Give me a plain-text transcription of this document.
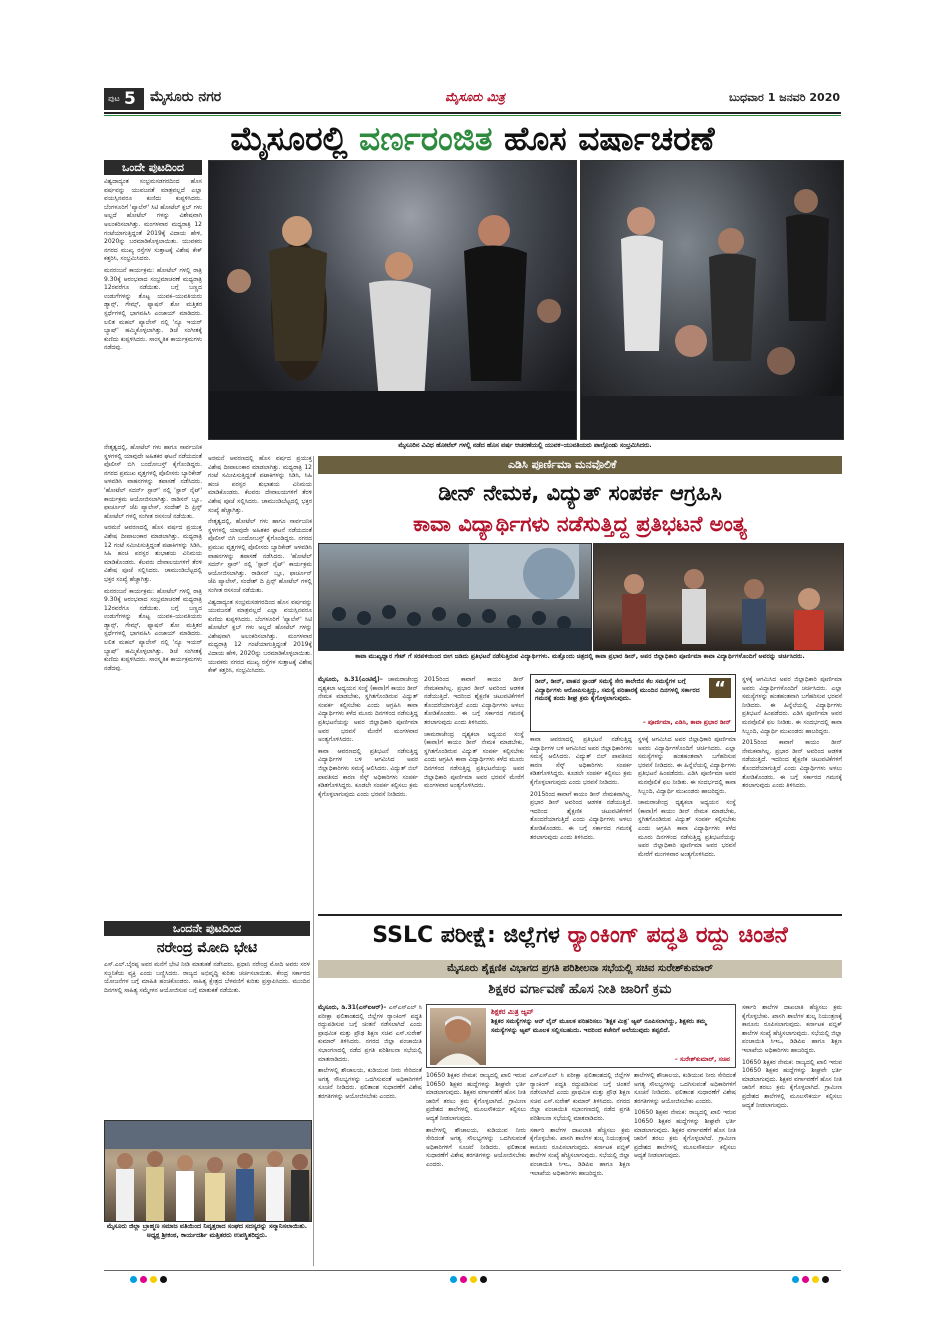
ಪುಟ 5 ಮೈಸೂರು ನಗರ	ಮೈಸೂರು ಮಿತ್ರ	ಬುಧವಾರ 1 ಜನವರಿ 2020
ಮೈಸೂರಲ್ಲಿ ವರ್ಣರಂಜಿತ ಹೊಸ ವರ್ಷಾಚರಣೆ
ಒಂದೇ ಪುಟದಿಂದ

ವಿಶ್ವದಾದ್ಯಂತ ಸಂಭ್ರಮಸಡಗರದಿಂದ ಹೊಸ ವರ್ಷವನ್ನು ಯುವಜನತೆ ಮಾತ್ರವಲ್ಲದೆ ಎಲ್ಲಾ ವಯಸ್ಸಿನವರೂ ಕುಣಿದು ಕುಪ್ಪಳಿಸಿದರು. ಬೆಂಗಳೂರಿಗೆ 'ಪ್ಯಾಲೆಸ್' ಸಿಟಿ ಹೋಟೆಲ್ ಕ್ಲಬ್ ಗಳು ಅಲ್ಲದೆ ಹೋಟೆಲ್ ಗಳನ್ನು ವಿಶೇಷವಾಗಿ ಅಲಂಕರಿಸಲಾಗಿತ್ತು. ಮಂಗಳವಾರ ಮಧ್ಯರಾತ್ರಿ 12 ಗಂಟೆಯಾಗುತ್ತಿದ್ದಂತೆ 2019ಕ್ಕೆ ವಿದಾಯ ಹೇಳಿ, 2020ನ್ನು ಬರಮಾಡಿಕೊಳ್ಳಲಾಯಿತು. ಯುವಕರು ನಗರದ ಮುಖ್ಯ ರಸ್ತೆಗಳ ಸುತ್ತಾಟಕ್ಕೆ ವಿಶೇಷ ಕೇಕ್ ಕತ್ತರಿಸಿ, ಸಂಭ್ರಮಿಸಿದರು.

ಮನರಂಜನೆ ಕಾರ್ಯಕ್ರಮ: ಹೋಟೆಲ್ ಗಳಲ್ಲಿ ರಾತ್ರಿ 9.30ಕ್ಕೆ ಆರಂಭವಾದ ಸಂಭ್ರಮಾಚರಣೆ ಮಧ್ಯರಾತ್ರಿ 12ರವರೆಗೂ ನಡೆಯಿತು. ಬಗ್ಗೆ ಬಣ್ಣದ ಉಡುಗೆಗಳನ್ನು ತೊಟ್ಟ ಯುವಕ–ಯುವತಿಯರು ಡ್ಯಾನ್ಸ್, ಗೇಮ್ಸ್, ಫ್ಯಾಷನ್ ಶೋ ಮತ್ತಿತರ ಸ್ಪರ್ಧೆಗಳಲ್ಲಿ ಭಾಗವಹಿಸಿ ಎಂಜಾಯ್ ಮಾಡಿದರು. ಲಲಿತ ಮಹಲ್ ಪ್ಯಾಲೇಸ್ ನಲ್ಲಿ 'ನ್ಯೂ ಇಯರ್ ಬ್ಯಾಷ್' ಹಮ್ಮಿಕೊಳ್ಳಲಾಗಿತ್ತು. ಡಿಜೆ ಸಂಗೀತಕ್ಕೆ ಕುಣಿದು ಕುಪ್ಪಳಿಸಿದರು. ಸಾಂಸ್ಕೃತಿಕ ಕಾರ್ಯಕ್ರಮಗಳು ನಡೆದವು.

ಮೈಸೂರಿನ ವಿವಿಧ ಹೋಟೆಲ್ ಗಳಲ್ಲಿ ನಡೆದ ಹೊಸ ವರ್ಷ ಆಚರಣೆಯಲ್ಲಿ ಯುವಕ–ಯುವತಿಯರು ಪಾಲ್ಗೊಂಡು ಸಂಭ್ರಮಿಸಿದರು.

ನೇತೃತ್ವದಲ್ಲಿ, ಹೋಟೆಲ್ ಗಳು ಹಾಗೂ ಸಾರ್ವಜನಿಕ ಸ್ಥಳಗಳಲ್ಲಿ ಯಾವುದೇ ಅಹಿತಕರ ಘಟನೆ ನಡೆಯದಂತೆ ಪೊಲೀಸ್ ಬಿಗಿ ಬಂದೋಬಸ್ತ್ ಕೈಗೊಂಡಿದ್ದರು. ನಗರದ ಪ್ರಮುಖ ವೃತ್ತಗಳಲ್ಲಿ ಪೊಲೀಸರು ಬ್ಯಾರಿಕೇಡ್ ಅಳವಡಿಸಿ ವಾಹನಗಳನ್ನು ತಪಾಸಣೆ ನಡೆಸಿದರು. 'ಹೋಟೆಲ್ ಸದರ್ನ್ ಸ್ಟಾರ್' ನಲ್ಲಿ 'ಸ್ಟಾರ್ ನೈಟ್' ಕಾರ್ಯಕ್ರಮ ಆಯೋಜಿಸಲಾಗಿತ್ತು. ರಾಡಿಸನ್ ಬ್ಲೂ, ಫಾರ್ಚೂನ್ ಜೆಪಿ ಪ್ಯಾಲೇಸ್, ಸಂದೇಶ್ ದಿ ಪ್ರಿನ್ಸ್ ಹೋಟೆಲ್ ಗಳಲ್ಲಿ ಸಂಗೀತ ರಸಸಂಜೆ ನಡೆಯಿತು.

ಅರಮನೆ ಆವರಣದಲ್ಲಿ ಹೊಸ ವರ್ಷದ ಪ್ರಯುಕ್ತ ವಿಶೇಷ ದೀಪಾಲಂಕಾರ ಮಾಡಲಾಗಿತ್ತು. ಮಧ್ಯರಾತ್ರಿ 12 ಗಂಟೆ ಸಮೀಪಿಸುತ್ತಿದ್ದಂತೆ ಪಟಾಕಿಗಳನ್ನು ಸಿಡಿಸಿ, ಸಿಹಿ ಹಂಚಿ ಪರಸ್ಪರ ಶುಭಾಶಯ ವಿನಿಮಯ ಮಾಡಿಕೊಂಡರು. ಕೆಲವರು ದೇವಾಲಯಗಳಿಗೆ ತೆರಳಿ ವಿಶೇಷ ಪೂಜೆ ಸಲ್ಲಿಸಿದರು. ಚಾಮುಂಡಿಬೆಟ್ಟದಲ್ಲಿ ಭಕ್ತರ ಸಂಖ್ಯೆ ಹೆಚ್ಚಾಗಿತ್ತು.

ಮನರಂಜನೆ ಕಾರ್ಯಕ್ರಮ: ಹೋಟೆಲ್ ಗಳಲ್ಲಿ ರಾತ್ರಿ 9.30ಕ್ಕೆ ಆರಂಭವಾದ ಸಂಭ್ರಮಾಚರಣೆ ಮಧ್ಯರಾತ್ರಿ 12ರವರೆಗೂ ನಡೆಯಿತು. ಬಗ್ಗೆ ಬಣ್ಣದ ಉಡುಗೆಗಳನ್ನು ತೊಟ್ಟ ಯುವಕ–ಯುವತಿಯರು ಡ್ಯಾನ್ಸ್, ಗೇಮ್ಸ್, ಫ್ಯಾಷನ್ ಶೋ ಮತ್ತಿತರ ಸ್ಪರ್ಧೆಗಳಲ್ಲಿ ಭಾಗವಹಿಸಿ ಎಂಜಾಯ್ ಮಾಡಿದರು. ಲಲಿತ ಮಹಲ್ ಪ್ಯಾಲೇಸ್ ನಲ್ಲಿ 'ನ್ಯೂ ಇಯರ್ ಬ್ಯಾಷ್' ಹಮ್ಮಿಕೊಳ್ಳಲಾಗಿತ್ತು. ಡಿಜೆ ಸಂಗೀತಕ್ಕೆ ಕುಣಿದು ಕುಪ್ಪಳಿಸಿದರು. ಸಾಂಸ್ಕೃತಿಕ ಕಾರ್ಯಕ್ರಮಗಳು ನಡೆದವು.

ಅರಮನೆ ಆವರಣದಲ್ಲಿ ಹೊಸ ವರ್ಷದ ಪ್ರಯುಕ್ತ ವಿಶೇಷ ದೀಪಾಲಂಕಾರ ಮಾಡಲಾಗಿತ್ತು. ಮಧ್ಯರಾತ್ರಿ 12 ಗಂಟೆ ಸಮೀಪಿಸುತ್ತಿದ್ದಂತೆ ಪಟಾಕಿಗಳನ್ನು ಸಿಡಿಸಿ, ಸಿಹಿ ಹಂಚಿ ಪರಸ್ಪರ ಶುಭಾಶಯ ವಿನಿಮಯ ಮಾಡಿಕೊಂಡರು. ಕೆಲವರು ದೇವಾಲಯಗಳಿಗೆ ತೆರಳಿ ವಿಶೇಷ ಪೂಜೆ ಸಲ್ಲಿಸಿದರು. ಚಾಮುಂಡಿಬೆಟ್ಟದಲ್ಲಿ ಭಕ್ತರ ಸಂಖ್ಯೆ ಹೆಚ್ಚಾಗಿತ್ತು.

ನೇತೃತ್ವದಲ್ಲಿ, ಹೋಟೆಲ್ ಗಳು ಹಾಗೂ ಸಾರ್ವಜನಿಕ ಸ್ಥಳಗಳಲ್ಲಿ ಯಾವುದೇ ಅಹಿತಕರ ಘಟನೆ ನಡೆಯದಂತೆ ಪೊಲೀಸ್ ಬಿಗಿ ಬಂದೋಬಸ್ತ್ ಕೈಗೊಂಡಿದ್ದರು. ನಗರದ ಪ್ರಮುಖ ವೃತ್ತಗಳಲ್ಲಿ ಪೊಲೀಸರು ಬ್ಯಾರಿಕೇಡ್ ಅಳವಡಿಸಿ ವಾಹನಗಳನ್ನು ತಪಾಸಣೆ ನಡೆಸಿದರು. 'ಹೋಟೆಲ್ ಸದರ್ನ್ ಸ್ಟಾರ್' ನಲ್ಲಿ 'ಸ್ಟಾರ್ ನೈಟ್' ಕಾರ್ಯಕ್ರಮ ಆಯೋಜಿಸಲಾಗಿತ್ತು. ರಾಡಿಸನ್ ಬ್ಲೂ, ಫಾರ್ಚೂನ್ ಜೆಪಿ ಪ್ಯಾಲೇಸ್, ಸಂದೇಶ್ ದಿ ಪ್ರಿನ್ಸ್ ಹೋಟೆಲ್ ಗಳಲ್ಲಿ ಸಂಗೀತ ರಸಸಂಜೆ ನಡೆಯಿತು.

ವಿಶ್ವದಾದ್ಯಂತ ಸಂಭ್ರಮಸಡಗರದಿಂದ ಹೊಸ ವರ್ಷವನ್ನು ಯುವಜನತೆ ಮಾತ್ರವಲ್ಲದೆ ಎಲ್ಲಾ ವಯಸ್ಸಿನವರೂ ಕುಣಿದು ಕುಪ್ಪಳಿಸಿದರು. ಬೆಂಗಳೂರಿಗೆ 'ಪ್ಯಾಲೆಸ್' ಸಿಟಿ ಹೋಟೆಲ್ ಕ್ಲಬ್ ಗಳು ಅಲ್ಲದೆ ಹೋಟೆಲ್ ಗಳನ್ನು ವಿಶೇಷವಾಗಿ ಅಲಂಕರಿಸಲಾಗಿತ್ತು. ಮಂಗಳವಾರ ಮಧ್ಯರಾತ್ರಿ 12 ಗಂಟೆಯಾಗುತ್ತಿದ್ದಂತೆ 2019ಕ್ಕೆ ವಿದಾಯ ಹೇಳಿ, 2020ನ್ನು ಬರಮಾಡಿಕೊಳ್ಳಲಾಯಿತು. ಯುವಕರು ನಗರದ ಮುಖ್ಯ ರಸ್ತೆಗಳ ಸುತ್ತಾಟಕ್ಕೆ ವಿಶೇಷ ಕೇಕ್ ಕತ್ತರಿಸಿ, ಸಂಭ್ರಮಿಸಿದರು.

ಎಡಿಸಿ ಪೂರ್ಣಿಮಾ ಮನವೊಲಿಕೆ
ಡೀನ್ ನೇಮಕ, ವಿದ್ಯುತ್ ಸಂಪರ್ಕ ಆಗ್ರಹಿಸಿ
ಕಾವಾ ವಿದ್ಯಾರ್ಥಿಗಳು ನಡೆಸುತ್ತಿದ್ದ ಪ್ರತಿಭಟನೆ ಅಂತ್ಯ
ಕಾವಾ ಮುಖ್ಯಧ್ವಾರ ಗೇಟ್ ಗೆ ಸರಪಳಿಯಿಂದ ಬೀಗ ಜಡಿದು ಪ್ರತಿಭಟನೆ ನಡೆಸುತ್ತಿರುವ ವಿದ್ಯಾರ್ಥಿಗಳು. ಮತ್ತೊಂದು ಚಿತ್ರದಲ್ಲಿ ಕಾವಾ ಪ್ರಭಾರ ಡೀನ್, ಅಪರ ಜಿಲ್ಲಾಧಿಕಾರಿ ಪೂರ್ಣಿಮಾ ಕಾವಾ ವಿದ್ಯಾರ್ಥಿಗಳೊಂದಿಗೆ ಅವರನ್ನು ಚರ್ಚಿಸಿದರು.
ಮೈಸೂರು, ಡಿ.31(ಎಂಟಿವೈ)– ಚಾಮರಾಜೇಂದ್ರ ದೃಶ್ಯಕಲಾ ಅಧ್ಯಯನ ಸಂಸ್ಥೆ (ಕಾವಾ)ಗೆ ಕಾಯಂ ಡೀನ್ ನೇಮಕ ಮಾಡಬೇಕು, ಸ್ಥಗಿತಗೊಂಡಿರುವ ವಿದ್ಯುತ್ ಸಂಪರ್ಕ ಕಲ್ಪಿಸಬೇಕು ಎಂದು ಆಗ್ರಹಿಸಿ ಕಾವಾ ವಿದ್ಯಾರ್ಥಿಗಳು ಕಳೆದ ಮೂರು ದಿನಗಳಿಂದ ನಡೆಸುತ್ತಿದ್ದ ಪ್ರತಿಭಟನೆಯನ್ನು ಅಪರ ಜಿಲ್ಲಾಧಿಕಾರಿ ಪೂರ್ಣಿಮಾ ಅವರ ಭರವಸೆ ಮೇರೆಗೆ ಮಂಗಳವಾರ ಅಂತ್ಯಗೊಳಿಸಿದರು.

ಕಾವಾ ಆವರಣದಲ್ಲಿ ಪ್ರತಿಭಟನೆ ನಡೆಸುತ್ತಿದ್ದ ವಿದ್ಯಾರ್ಥಿಗಳ ಬಳಿ ಆಗಮಿಸಿದ ಅಪರ ಜಿಲ್ಲಾಧಿಕಾರಿಗಳು ಸಮಸ್ಯೆ ಆಲಿಸಿದರು. ವಿದ್ಯುತ್ ಬಿಲ್ ಪಾವತಿಸದ ಕಾರಣ ಸೆಸ್ಕ್ ಅಧಿಕಾರಿಗಳು ಸಂಪರ್ಕ ಕಡಿತಗೊಳಿಸಿದ್ದರು. ಕೂಡಲೇ ಸಂಪರ್ಕ ಕಲ್ಪಿಸಲು ಕ್ರಮ ಕೈಗೊಳ್ಳಲಾಗುವುದು ಎಂದು ಭರವಸೆ ನೀಡಿದರು.

2015ರಿಂದ ಕಾವಾಗೆ ಕಾಯಂ ಡೀನ್ ನೇಮಕವಾಗಿಲ್ಲ. ಪ್ರಭಾರ ಡೀನ್ ಅವರಿಂದ ಆಡಳಿತ ನಡೆಯುತ್ತಿದೆ. ಇದರಿಂದ ಶೈಕ್ಷಣಿಕ ಚಟುವಟಿಕೆಗಳಿಗೆ ತೊಂದರೆಯಾಗುತ್ತಿದೆ ಎಂದು ವಿದ್ಯಾರ್ಥಿಗಳು ಅಳಲು ತೋಡಿಕೊಂಡರು. ಈ ಬಗ್ಗೆ ಸರ್ಕಾರದ ಗಮನಕ್ಕೆ ತರಲಾಗುವುದು ಎಂದು ತಿಳಿಸಿದರು.

ಚಾಮರಾಜೇಂದ್ರ ದೃಶ್ಯಕಲಾ ಅಧ್ಯಯನ ಸಂಸ್ಥೆ (ಕಾವಾ)ಗೆ ಕಾಯಂ ಡೀನ್ ನೇಮಕ ಮಾಡಬೇಕು, ಸ್ಥಗಿತಗೊಂಡಿರುವ ವಿದ್ಯುತ್ ಸಂಪರ್ಕ ಕಲ್ಪಿಸಬೇಕು ಎಂದು ಆಗ್ರಹಿಸಿ ಕಾವಾ ವಿದ್ಯಾರ್ಥಿಗಳು ಕಳೆದ ಮೂರು ದಿನಗಳಿಂದ ನಡೆಸುತ್ತಿದ್ದ ಪ್ರತಿಭಟನೆಯನ್ನು ಅಪರ ಜಿಲ್ಲಾಧಿಕಾರಿ ಪೂರ್ಣಿಮಾ ಅವರ ಭರವಸೆ ಮೇರೆಗೆ ಮಂಗಳವಾರ ಅಂತ್ಯಗೊಳಿಸಿದರು.

“
ಡೀನ್, ಡೀನ್, ವಾಹನ ಸ್ಟಾಂಡ್ ಸಮಸ್ಯೆ ಸೇರಿ ಕಾಲೇಜಿನ ಕೆಲ ಸಮಸ್ಯೆಗಳ ಬಗ್ಗೆ ವಿದ್ಯಾರ್ಥಿಗಳು ಆರೋಪಿಸುತ್ತಿದ್ದು, ಸಮಸ್ಯೆ ಪರಿಹಾರಕ್ಕೆ ಮುಂದಿನ ದಿನಗಳಲ್ಲಿ ಸರ್ಕಾರದ ಗಮನಕ್ಕೆ ತಂದು ಶೀಘ್ರ ಕ್ರಮ ಕೈಗೊಳ್ಳಲಾಗುವುದು.
– ಪೂರ್ಣಿಮಾ, ಎಡಿಸಿ, ಕಾವಾ ಪ್ರಭಾರ ಡೀನ್

ಕಾವಾ ಆವರಣದಲ್ಲಿ ಪ್ರತಿಭಟನೆ ನಡೆಸುತ್ತಿದ್ದ ವಿದ್ಯಾರ್ಥಿಗಳ ಬಳಿ ಆಗಮಿಸಿದ ಅಪರ ಜಿಲ್ಲಾಧಿಕಾರಿಗಳು ಸಮಸ್ಯೆ ಆಲಿಸಿದರು. ವಿದ್ಯುತ್ ಬಿಲ್ ಪಾವತಿಸದ ಕಾರಣ ಸೆಸ್ಕ್ ಅಧಿಕಾರಿಗಳು ಸಂಪರ್ಕ ಕಡಿತಗೊಳಿಸಿದ್ದರು. ಕೂಡಲೇ ಸಂಪರ್ಕ ಕಲ್ಪಿಸಲು ಕ್ರಮ ಕೈಗೊಳ್ಳಲಾಗುವುದು ಎಂದು ಭರವಸೆ ನೀಡಿದರು.

2015ರಿಂದ ಕಾವಾಗೆ ಕಾಯಂ ಡೀನ್ ನೇಮಕವಾಗಿಲ್ಲ. ಪ್ರಭಾರ ಡೀನ್ ಅವರಿಂದ ಆಡಳಿತ ನಡೆಯುತ್ತಿದೆ. ಇದರಿಂದ ಶೈಕ್ಷಣಿಕ ಚಟುವಟಿಕೆಗಳಿಗೆ ತೊಂದರೆಯಾಗುತ್ತಿದೆ ಎಂದು ವಿದ್ಯಾರ್ಥಿಗಳು ಅಳಲು ತೋಡಿಕೊಂಡರು. ಈ ಬಗ್ಗೆ ಸರ್ಕಾರದ ಗಮನಕ್ಕೆ ತರಲಾಗುವುದು ಎಂದು ತಿಳಿಸಿದರು.

ಸ್ಥಳಕ್ಕೆ ಆಗಮಿಸಿದ ಅಪರ ಜಿಲ್ಲಾಧಿಕಾರಿ ಪೂರ್ಣಿಮಾ ಅವರು ವಿದ್ಯಾರ್ಥಿಗಳೊಂದಿಗೆ ಚರ್ಚಿಸಿದರು. ಎಲ್ಲಾ ಸಮಸ್ಯೆಗಳನ್ನು ಹಂತಹಂತವಾಗಿ ಬಗೆಹರಿಸುವ ಭರವಸೆ ನೀಡಿದರು. ಈ ಹಿನ್ನೆಲೆಯಲ್ಲಿ ವಿದ್ಯಾರ್ಥಿಗಳು ಪ್ರತಿಭಟನೆ ಹಿಂಪಡೆದರು. ಎಡಿಸಿ ಪೂರ್ಣಿಮಾ ಅವರ ಮನವೊಲಿಕೆ ಫಲ ನೀಡಿತು. ಈ ಸಂದರ್ಭದಲ್ಲಿ ಕಾವಾ ಸಿಬ್ಬಂದಿ, ವಿದ್ಯಾರ್ಥಿ ಮುಖಂಡರು ಹಾಜರಿದ್ದರು.

ಚಾಮರಾಜೇಂದ್ರ ದೃಶ್ಯಕಲಾ ಅಧ್ಯಯನ ಸಂಸ್ಥೆ (ಕಾವಾ)ಗೆ ಕಾಯಂ ಡೀನ್ ನೇಮಕ ಮಾಡಬೇಕು, ಸ್ಥಗಿತಗೊಂಡಿರುವ ವಿದ್ಯುತ್ ಸಂಪರ್ಕ ಕಲ್ಪಿಸಬೇಕು ಎಂದು ಆಗ್ರಹಿಸಿ ಕಾವಾ ವಿದ್ಯಾರ್ಥಿಗಳು ಕಳೆದ ಮೂರು ದಿನಗಳಿಂದ ನಡೆಸುತ್ತಿದ್ದ ಪ್ರತಿಭಟನೆಯನ್ನು ಅಪರ ಜಿಲ್ಲಾಧಿಕಾರಿ ಪೂರ್ಣಿಮಾ ಅವರ ಭರವಸೆ ಮೇರೆಗೆ ಮಂಗಳವಾರ ಅಂತ್ಯಗೊಳಿಸಿದರು.

ಸ್ಥಳಕ್ಕೆ ಆಗಮಿಸಿದ ಅಪರ ಜಿಲ್ಲಾಧಿಕಾರಿ ಪೂರ್ಣಿಮಾ ಅವರು ವಿದ್ಯಾರ್ಥಿಗಳೊಂದಿಗೆ ಚರ್ಚಿಸಿದರು. ಎಲ್ಲಾ ಸಮಸ್ಯೆಗಳನ್ನು ಹಂತಹಂತವಾಗಿ ಬಗೆಹರಿಸುವ ಭರವಸೆ ನೀಡಿದರು. ಈ ಹಿನ್ನೆಲೆಯಲ್ಲಿ ವಿದ್ಯಾರ್ಥಿಗಳು ಪ್ರತಿಭಟನೆ ಹಿಂಪಡೆದರು. ಎಡಿಸಿ ಪೂರ್ಣಿಮಾ ಅವರ ಮನವೊಲಿಕೆ ಫಲ ನೀಡಿತು. ಈ ಸಂದರ್ಭದಲ್ಲಿ ಕಾವಾ ಸಿಬ್ಬಂದಿ, ವಿದ್ಯಾರ್ಥಿ ಮುಖಂಡರು ಹಾಜರಿದ್ದರು.

2015ರಿಂದ ಕಾವಾಗೆ ಕಾಯಂ ಡೀನ್ ನೇಮಕವಾಗಿಲ್ಲ. ಪ್ರಭಾರ ಡೀನ್ ಅವರಿಂದ ಆಡಳಿತ ನಡೆಯುತ್ತಿದೆ. ಇದರಿಂದ ಶೈಕ್ಷಣಿಕ ಚಟುವಟಿಕೆಗಳಿಗೆ ತೊಂದರೆಯಾಗುತ್ತಿದೆ ಎಂದು ವಿದ್ಯಾರ್ಥಿಗಳು ಅಳಲು ತೋಡಿಕೊಂಡರು. ಈ ಬಗ್ಗೆ ಸರ್ಕಾರದ ಗಮನಕ್ಕೆ ತರಲಾಗುವುದು ಎಂದು ತಿಳಿಸಿದರು.

ಒಂದನೇ ಪುಟದಿಂದ
ನರೇಂದ್ರ ಮೋದಿ ಭೇಟಿ
ಎಸ್.ಎಲ್.ಬೈರಪ್ಪ ಅವರ ಮನೆಗೆ ಭೇಟಿ ನೀಡಿ ಮಾತುಕತೆ ನಡೆಸಿದರು. ಪ್ರಧಾನಿ ನರೇಂದ್ರ ಮೋದಿ ಅವರು ಸರಳ ಸಜ್ಜನಿಕೆಯ ವ್ಯಕ್ತಿ ಎಂದು ಬಣ್ಣಿಸಿದರು. ರಾಜ್ಯದ ಅಭಿವೃದ್ಧಿ ಕುರಿತು ಚರ್ಚಿಸಲಾಯಿತು. ಕೇಂದ್ರ ಸರ್ಕಾರದ ಯೋಜನೆಗಳ ಬಗ್ಗೆ ಮಾಹಿತಿ ಹಂಚಿಕೊಂಡರು. ಸಾಹಿತ್ಯ ಕ್ಷೇತ್ರದ ಬೆಳವಣಿಗೆ ಕುರಿತು ಪ್ರಸ್ತಾಪಿಸಿದರು. ಮುಂದಿನ ದಿನಗಳಲ್ಲಿ ಸಾಹಿತ್ಯ ಸಮ್ಮೇಳನ ಆಯೋಜಿಸುವ ಬಗ್ಗೆ ಮಾತುಕತೆ ನಡೆಯಿತು.
ಮೈಸೂರು ಜಿಲ್ಲಾ ಬ್ರಾಹ್ಮಣ ಸಮಾಜ ವತಿಯಿಂದ ನಿವೃತ್ತರಾದ ಸಂಘದ ಸದಸ್ಯರನ್ನು ಸನ್ಮಾನಿಸಲಾಯಿತು. ಅಧ್ಯಕ್ಷ ಶ್ರೀಕಂಠ, ಕಾರ್ಯದರ್ಶಿ ಮತ್ತಿತರರು ಉಪಸ್ಥಿತರಿದ್ದರು.
SSLC ಪರೀಕ್ಷೆ: ಜಿಲ್ಲೆಗಳ ರ್‍ಯಾಂಕಿಂಗ್ ಪದ್ಧತಿ ರದ್ದು ಚಿಂತನೆ
ಮೈಸೂರು ಶೈಕ್ಷಣಿಕ ವಿಭಾಗದ ಪ್ರಗತಿ ಪರಿಶೀಲನಾ ಸಭೆಯಲ್ಲಿ ಸಚಿವ ಸುರೇಶ್‌ಕುಮಾರ್
ಶಿಕ್ಷಕರ ವರ್ಗಾವಣೆ ಹೊಸ ನೀತಿ ಜಾರಿಗೆ ಕ್ರಮ
ಮೈಸೂರು, ಡಿ.31(ಎಸ್ಐಆರ್)– ಎಸ್ಎಸ್ಎಲ್ ಸಿ ಪರೀಕ್ಷಾ ಫಲಿತಾಂಶದಲ್ಲಿ ಜಿಲ್ಲೆಗಳ ರ್‍ಯಾಂಕಿಂಗ್ ಪದ್ಧತಿ ರದ್ದುಪಡಿಸುವ ಬಗ್ಗೆ ಚಿಂತನೆ ನಡೆಸಲಾಗಿದೆ ಎಂದು ಪ್ರಾಥಮಿಕ ಮತ್ತು ಪ್ರೌಢ ಶಿಕ್ಷಣ ಸಚಿವ ಎಸ್.ಸುರೇಶ್ ಕುಮಾರ್ ತಿಳಿಸಿದರು. ನಗರದ ಜಿಲ್ಲಾ ಪಂಚಾಯಿತಿ ಸಭಾಂಗಣದಲ್ಲಿ ನಡೆದ ಪ್ರಗತಿ ಪರಿಶೀಲನಾ ಸಭೆಯಲ್ಲಿ ಮಾತನಾಡಿದರು.

ಶಾಲೆಗಳಲ್ಲಿ ಶೌಚಾಲಯ, ಕುಡಿಯುವ ನೀರು ಸೇರಿದಂತೆ ಅಗತ್ಯ ಸೌಲಭ್ಯಗಳನ್ನು ಒದಗಿಸುವಂತೆ ಅಧಿಕಾರಿಗಳಿಗೆ ಸೂಚನೆ ನೀಡಿದರು. ಫಲಿತಾಂಶ ಸುಧಾರಣೆಗೆ ವಿಶೇಷ ತರಗತಿಗಳನ್ನು ಆಯೋಜಿಸಬೇಕು ಎಂದರು.

ಶಿಕ್ಷಕರ ಮಿತ್ರ ಆ್ಯಪ್
ಶಿಕ್ಷಕರ ಸಮಸ್ಯೆಗಳನ್ನು ಆನ್ ಲೈನ್ ಮೂಲಕ ಪರಿಹರಿಸಲು 'ಶಿಕ್ಷಕ ಮಿತ್ರ' ಆ್ಯಪ್ ರೂಪಿಸಲಾಗಿದ್ದು, ಶಿಕ್ಷಕರು ತಮ್ಮ ಸಮಸ್ಯೆಗಳನ್ನು ಆ್ಯಪ್ ಮೂಲಕ ಸಲ್ಲಿಸಬಹುದು. ಇದರಿಂದ ಕಚೇರಿಗೆ ಅಲೆಯುವುದು ತಪ್ಪಲಿದೆ.
– ಸುರೇಶ್‌ಕುಮಾರ್, ಸಚಿವ

10650 ಶಿಕ್ಷಕರ ನೇಮಕ: ರಾಜ್ಯದಲ್ಲಿ ಖಾಲಿ ಇರುವ 10650 ಶಿಕ್ಷಕರ ಹುದ್ದೆಗಳನ್ನು ಶೀಘ್ರವೇ ಭರ್ತಿ ಮಾಡಲಾಗುವುದು. ಶಿಕ್ಷಕರ ವರ್ಗಾವಣೆಗೆ ಹೊಸ ನೀತಿ ಜಾರಿಗೆ ತರಲು ಕ್ರಮ ಕೈಗೊಳ್ಳಲಾಗಿದೆ. ಗ್ರಾಮೀಣ ಪ್ರದೇಶದ ಶಾಲೆಗಳಲ್ಲಿ ಮೂಲಸೌಕರ್ಯ ಕಲ್ಪಿಸಲು ಆದ್ಯತೆ ನೀಡಲಾಗುವುದು.

ಶಾಲೆಗಳಲ್ಲಿ ಶೌಚಾಲಯ, ಕುಡಿಯುವ ನೀರು ಸೇರಿದಂತೆ ಅಗತ್ಯ ಸೌಲಭ್ಯಗಳನ್ನು ಒದಗಿಸುವಂತೆ ಅಧಿಕಾರಿಗಳಿಗೆ ಸೂಚನೆ ನೀಡಿದರು. ಫಲಿತಾಂಶ ಸುಧಾರಣೆಗೆ ವಿಶೇಷ ತರಗತಿಗಳನ್ನು ಆಯೋಜಿಸಬೇಕು ಎಂದರು.

ಎಸ್ಎಸ್ಎಲ್ ಸಿ ಪರೀಕ್ಷಾ ಫಲಿತಾಂಶದಲ್ಲಿ ಜಿಲ್ಲೆಗಳ ರ್‍ಯಾಂಕಿಂಗ್ ಪದ್ಧತಿ ರದ್ದುಪಡಿಸುವ ಬಗ್ಗೆ ಚಿಂತನೆ ನಡೆಸಲಾಗಿದೆ ಎಂದು ಪ್ರಾಥಮಿಕ ಮತ್ತು ಪ್ರೌಢ ಶಿಕ್ಷಣ ಸಚಿವ ಎಸ್.ಸುರೇಶ್ ಕುಮಾರ್ ತಿಳಿಸಿದರು. ನಗರದ ಜಿಲ್ಲಾ ಪಂಚಾಯಿತಿ ಸಭಾಂಗಣದಲ್ಲಿ ನಡೆದ ಪ್ರಗತಿ ಪರಿಶೀಲನಾ ಸಭೆಯಲ್ಲಿ ಮಾತನಾಡಿದರು.

ಸರ್ಕಾರಿ ಶಾಲೆಗಳ ದಾಖಲಾತಿ ಹೆಚ್ಚಿಸಲು ಕ್ರಮ ಕೈಗೊಳ್ಳಬೇಕು. ಖಾಸಗಿ ಶಾಲೆಗಳ ಶುಲ್ಕ ನಿಯಂತ್ರಣಕ್ಕೆ ಕಾನೂನು ರೂಪಿಸಲಾಗುವುದು. ಕರ್ನಾಟಕ ಪಬ್ಲಿಕ್ ಶಾಲೆಗಳ ಸಂಖ್ಯೆ ಹೆಚ್ಚಿಸಲಾಗುವುದು. ಸಭೆಯಲ್ಲಿ ಜಿಲ್ಲಾ ಪಂಚಾಯಿತಿ ಸಿಇಒ, ಡಿಡಿಪಿಐ ಹಾಗೂ ಶಿಕ್ಷಣ ಇಲಾಖೆಯ ಅಧಿಕಾರಿಗಳು ಹಾಜರಿದ್ದರು.

ಶಾಲೆಗಳಲ್ಲಿ ಶೌಚಾಲಯ, ಕುಡಿಯುವ ನೀರು ಸೇರಿದಂತೆ ಅಗತ್ಯ ಸೌಲಭ್ಯಗಳನ್ನು ಒದಗಿಸುವಂತೆ ಅಧಿಕಾರಿಗಳಿಗೆ ಸೂಚನೆ ನೀಡಿದರು. ಫಲಿತಾಂಶ ಸುಧಾರಣೆಗೆ ವಿಶೇಷ ತರಗತಿಗಳನ್ನು ಆಯೋಜಿಸಬೇಕು ಎಂದರು.

10650 ಶಿಕ್ಷಕರ ನೇಮಕ: ರಾಜ್ಯದಲ್ಲಿ ಖಾಲಿ ಇರುವ 10650 ಶಿಕ್ಷಕರ ಹುದ್ದೆಗಳನ್ನು ಶೀಘ್ರವೇ ಭರ್ತಿ ಮಾಡಲಾಗುವುದು. ಶಿಕ್ಷಕರ ವರ್ಗಾವಣೆಗೆ ಹೊಸ ನೀತಿ ಜಾರಿಗೆ ತರಲು ಕ್ರಮ ಕೈಗೊಳ್ಳಲಾಗಿದೆ. ಗ್ರಾಮೀಣ ಪ್ರದೇಶದ ಶಾಲೆಗಳಲ್ಲಿ ಮೂಲಸೌಕರ್ಯ ಕಲ್ಪಿಸಲು ಆದ್ಯತೆ ನೀಡಲಾಗುವುದು.

ಸರ್ಕಾರಿ ಶಾಲೆಗಳ ದಾಖಲಾತಿ ಹೆಚ್ಚಿಸಲು ಕ್ರಮ ಕೈಗೊಳ್ಳಬೇಕು. ಖಾಸಗಿ ಶಾಲೆಗಳ ಶುಲ್ಕ ನಿಯಂತ್ರಣಕ್ಕೆ ಕಾನೂನು ರೂಪಿಸಲಾಗುವುದು. ಕರ್ನಾಟಕ ಪಬ್ಲಿಕ್ ಶಾಲೆಗಳ ಸಂಖ್ಯೆ ಹೆಚ್ಚಿಸಲಾಗುವುದು. ಸಭೆಯಲ್ಲಿ ಜಿಲ್ಲಾ ಪಂಚಾಯಿತಿ ಸಿಇಒ, ಡಿಡಿಪಿಐ ಹಾಗೂ ಶಿಕ್ಷಣ ಇಲಾಖೆಯ ಅಧಿಕಾರಿಗಳು ಹಾಜರಿದ್ದರು.

10650 ಶಿಕ್ಷಕರ ನೇಮಕ: ರಾಜ್ಯದಲ್ಲಿ ಖಾಲಿ ಇರುವ 10650 ಶಿಕ್ಷಕರ ಹುದ್ದೆಗಳನ್ನು ಶೀಘ್ರವೇ ಭರ್ತಿ ಮಾಡಲಾಗುವುದು. ಶಿಕ್ಷಕರ ವರ್ಗಾವಣೆಗೆ ಹೊಸ ನೀತಿ ಜಾರಿಗೆ ತರಲು ಕ್ರಮ ಕೈಗೊಳ್ಳಲಾಗಿದೆ. ಗ್ರಾಮೀಣ ಪ್ರದೇಶದ ಶಾಲೆಗಳಲ್ಲಿ ಮೂಲಸೌಕರ್ಯ ಕಲ್ಪಿಸಲು ಆದ್ಯತೆ ನೀಡಲಾಗುವುದು.
